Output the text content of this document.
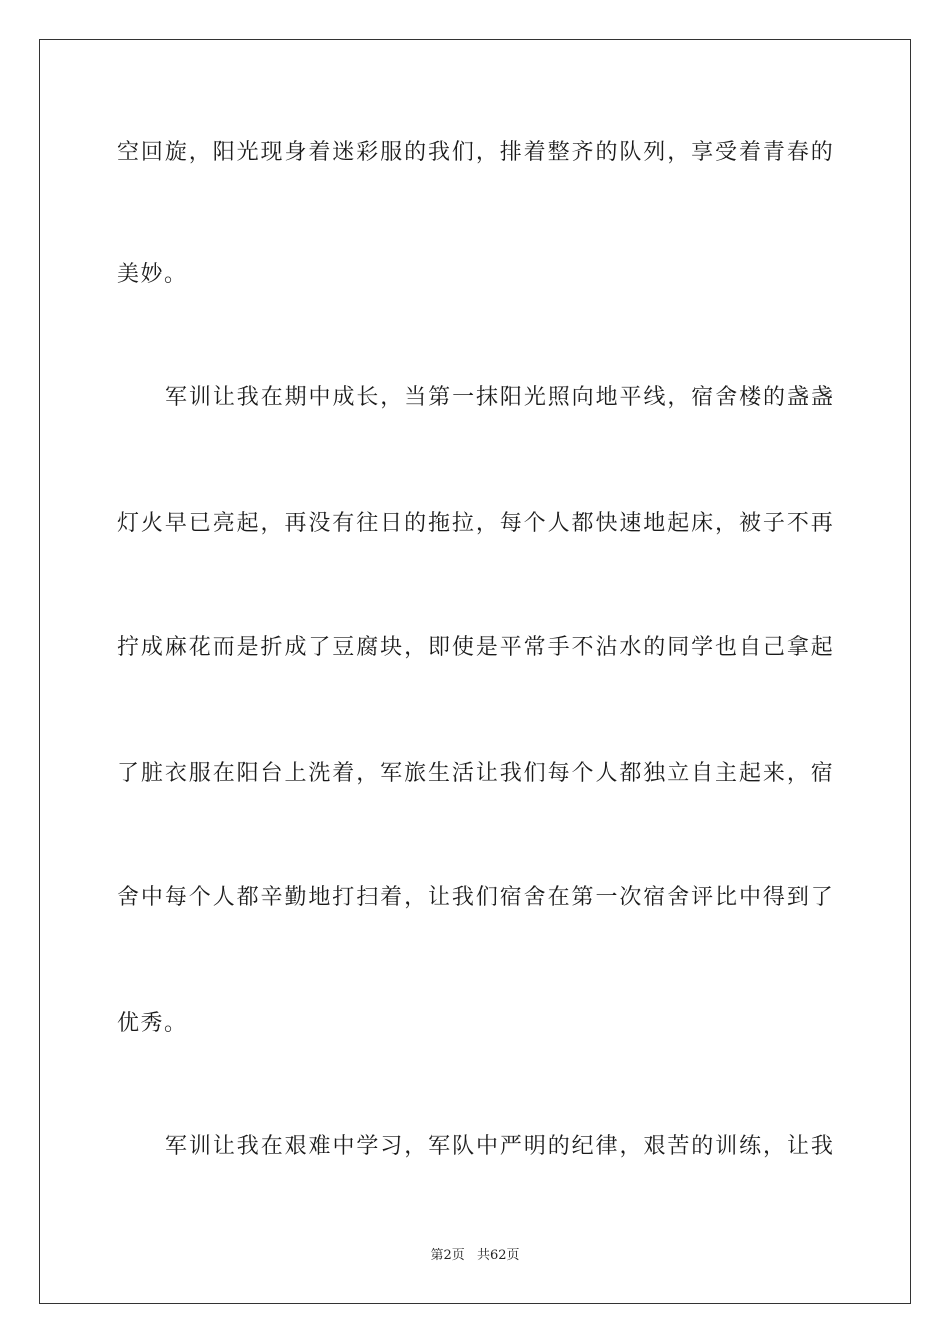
空 回 旋 ， 阳 光 现 身 着 迷 彩 服 的 我 们 ， 排 着 整 齐 的 队 列 ， 享 受 着 青 春 的
美妙。
军 训 让 我 在 期 中 成 长 ， 当 第 一 抹 阳 光 照 向 地 平 线 ， 宿 舍 楼 的 盏 盏
灯 火 早 已 亮 起 ， 再 没 有 往 日 的 拖 拉 ， 每 个 人 都 快 速 地 起 床 ， 被 子 不 再
拧 成 麻 花 而 是 折 成 了 豆 腐 块 ， 即 使 是 平 常 手 不 沾 水 的 同 学 也 自 己 拿 起
了 脏 衣 服 在 阳 台 上 洗 着 ， 军 旅 生 活 让 我 们 每 个 人 都 独 立 自 主 起 来 ， 宿
舍 中 每 个 人 都 辛 勤 地 打 扫 着 ， 让 我 们 宿 舍 在 第 一 次 宿 舍 评 比 中 得 到 了
优秀。
军 训 让 我 在 艰 难 中 学 习 ， 军 队 中 严 明 的 纪 律 ， 艰 苦 的 训 练 ， 让 我
第2页 共62页
